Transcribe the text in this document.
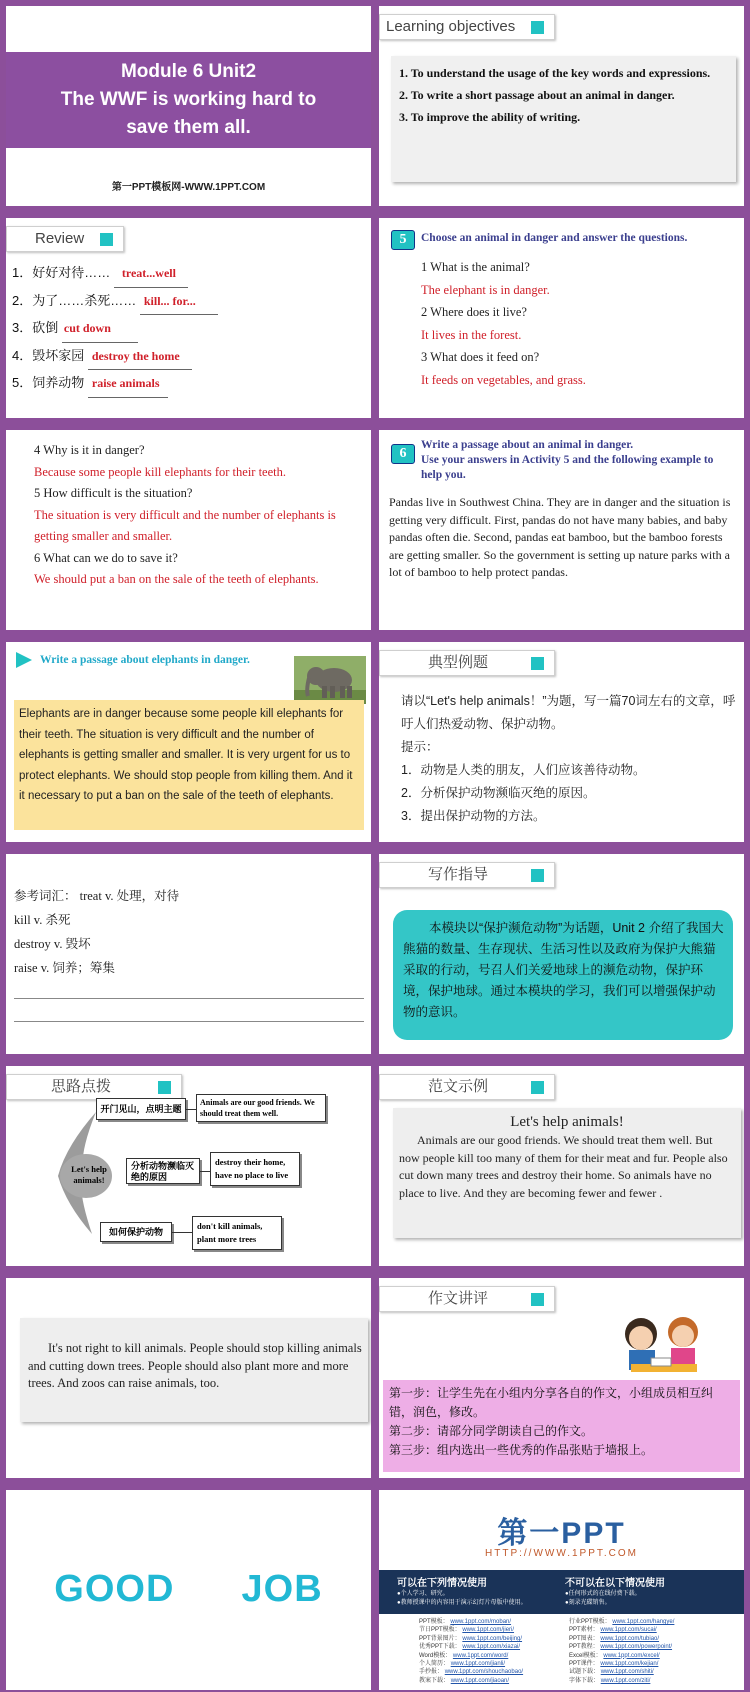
Module 6 Unit2
The WWF is working hard to
save them all.
第一PPT模板网-WWW.1PPT.COM
Learning objectives
1. To understand the usage of the key words and expressions.
2. To write a short passage about an animal in danger.
3. To improve the ability of writing.
Review
1．好好对待…… treat...well
2．为了……杀死…… kill... for...
3．砍倒 cut down
4．毁坏家园 destroy the home
5．饲养动物 raise animals
5	Choose an animal in danger and answer the questions.
1 What is the animal?
The elephant is in danger.
2 Where does it live?
It lives in the forest.
3 What does it feed on?
It feeds on vegetables, and grass.
4 Why is it in danger?
Because some people kill elephants for their teeth.
5 How difficult is the situation?
The situation is very difficult and the number of elephants is getting smaller and smaller.
6 What can we do to save it?
We should put a ban on the sale of the teeth of elephants.
6
Write a passage about an animal in danger.
Use your answers in Activity 5 and the following example to help you.
Pandas live in Southwest China. They are in danger and the situation is getting very difficult. First, pandas do not have many babies, and baby pandas often die. Second, pandas eat bamboo, but the bamboo forests are getting smaller. So the government is setting up nature parks with a lot of bamboo to help protect pandas.
Write a passage about elephants in danger.
Elephants are in danger because some people kill elephants for their teeth. The situation is very difficult and the number of elephants is getting smaller and smaller. It is very urgent for us to protect elephants. We should stop people from killing them. And it it necessary to put a ban on the sale of the teeth of elephants.
典型例题
请以“Let's help animals！”为题，写一篇70词左右的文章，呼吁人们热爱动物、保护动物。
提示：
1．动物是人类的朋友，人们应该善待动物。
2．分析保护动物濒临灭绝的原因。
3．提出保护动物的方法。
参考词汇： treat v. 处理，对待
kill v. 杀死
destroy v. 毁坏
raise v. 饲养；筹集
写作指导
本模块以“保护濒危动物”为话题，Unit 2 介绍了我国大熊猫的数量、生存现状、生活习性以及政府为保护大熊猫采取的行动，号召人们关爱地球上的濒危动物，保护环境，保护地球。通过本模块的学习，我们可以增强保护动物的意识。
思路点拨
Let's help animals!
开门见山，点明主题
Animals are our good friends. We should treat them well.
分析动物濒临灭绝的原因
destroy their home, have no place to live
如何保护动物
don't kill animals, plant more trees
范文示例
Let's help animals!
Animals are our good friends. We should treat them well. But now people kill too many of them for their meat and fur. People also cut down many trees and destroy their home. So animals have no place to live. And they are becoming fewer and fewer .
It's not right to kill animals. People should stop killing animals and cutting down trees. People should also plant more and more trees. And zoos can raise animals, too.
作文讲评
第一步：让学生先在小组内分享各自的作文，小组成员相互纠错，润色，修改。
第二步：请部分同学朗读自己的作文。
第三步：组内选出一些优秀的作品张贴于墙报上。
GOOD JOB
第一PPT
HTTP://WWW.1PPT.COM
可以在下列情况使用
●个人学习、研究。
●教师授课中的内容用于演示幻灯片母版中使用。
不可以在以下情况使用
●任何形式的在线付费下载。
●刻录光碟销售。
PPT模板： www.1ppt.com/moban/
节日PPT模板： www.1ppt.com/jieri/
PPT背景图片： www.1ppt.com/beijing/
优秀PPT下载： www.1ppt.com/xiazai/
Word模板： www.1ppt.com/word/
个人简历： www.1ppt.com/jianli/
手抄报： www.1ppt.com/shouchaobao/
教案下载： www.1ppt.com/jiaoan/
行业PPT模板： www.1ppt.com/hangye/
PPT素材： www.1ppt.com/sucai/
PPT图表： www.1ppt.com/tubiao/
PPT教程： www.1ppt.com/powerpoint/
Excel模板： www.1ppt.com/excel/
PPT课件： www.1ppt.com/kejian/
试题下载： www.1ppt.com/shiti/
字体下载： www.1ppt.com/ziti/
